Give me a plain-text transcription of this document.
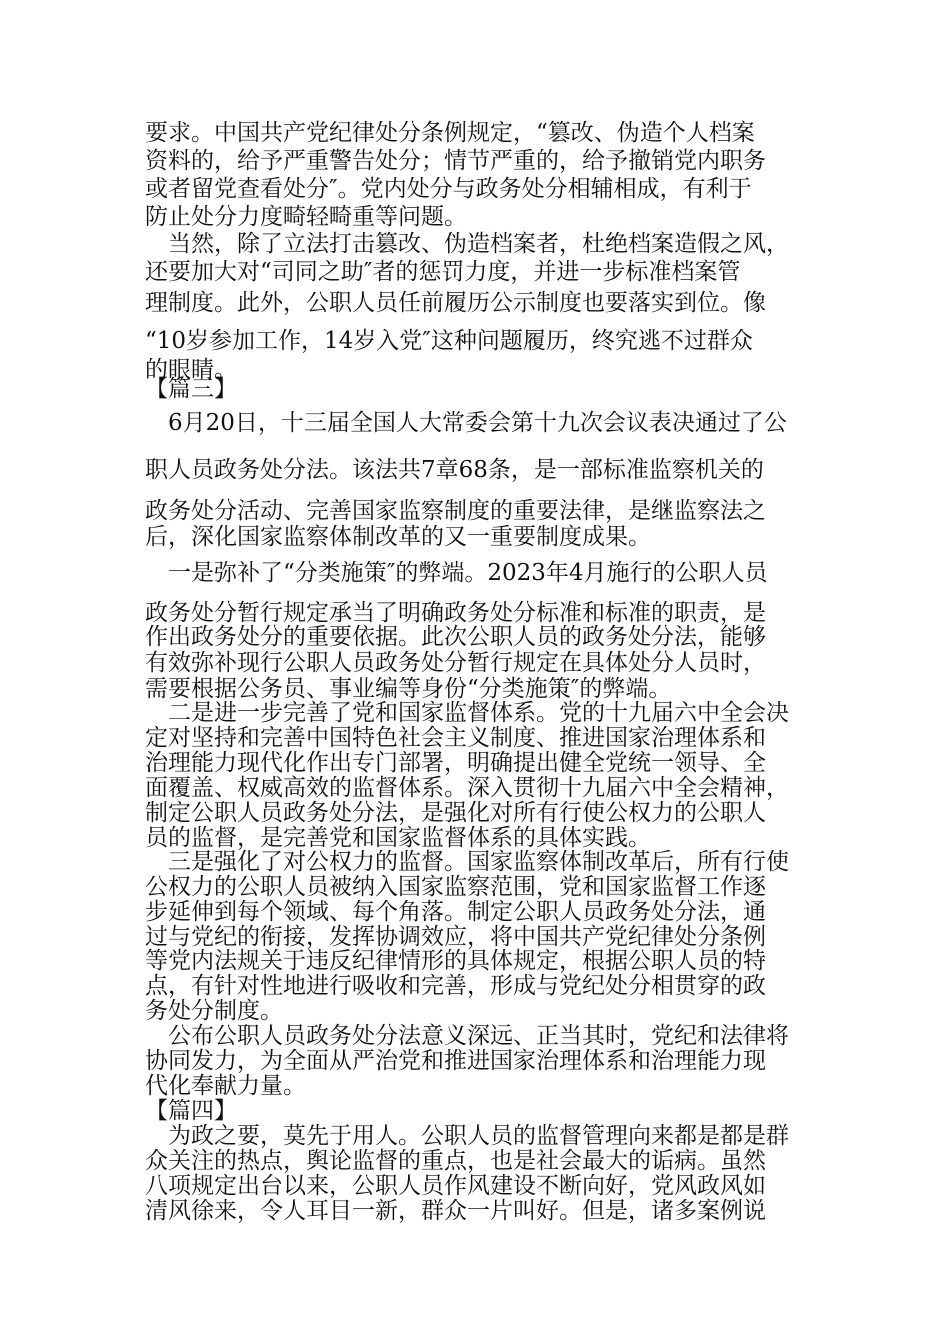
要求。中国共产党纪律处分条例规定，“篡改、伪造个人档案
资料的，给予严重警告处分；情节严重的，给予撤销党内职务
或者留党查看处分″。党内处分与政务处分相辅相成，有利于
防止处分力度畸轻畸重等问题。
　当然，除了立法打击篡改、伪造档案者，杜绝档案造假之风，
还要加大对“司同之助″者的惩罚力度，并进一步标准档案管
理制度。此外，公职人员任前履历公示制度也要落实到位。像
“10岁参加工作，14岁入党″这种问题履历，终究逃不过群众
的眼睛。
【篇三】
　6月20日，十三届全国人大常委会第十九次会议表决通过了公
职人员政务处分法。该法共7章68条，是一部标准监察机关的
政务处分活动、完善国家监察制度的重要法律，是继监察法之
后，深化国家监察体制改革的又一重要制度成果。
　一是弥补了“分类施策″的弊端。2023年4月施行的公职人员
政务处分暂行规定承当了明确政务处分标准和标准的职责，是
作出政务处分的重要依据。此次公职人员的政务处分法，能够
有效弥补现行公职人员政务处分暂行规定在具体处分人员时，
需要根据公务员、事业编等身份“分类施策″的弊端。
　二是进一步完善了党和国家监督体系。党的十九届六中全会决
定对坚持和完善中国特色社会主义制度、推进国家治理体系和
治理能力现代化作出专门部署，明确提出健全党统一领导、全
面覆盖、权威高效的监督体系。深入贯彻十九届六中全会精神，
制定公职人员政务处分法，是强化对所有行使公权力的公职人
员的监督，是完善党和国家监督体系的具体实践。
　三是强化了对公权力的监督。国家监察体制改革后，所有行使
公权力的公职人员被纳入国家监察范围，党和国家监督工作逐
步延伸到每个领域、每个角落。制定公职人员政务处分法，通
过与党纪的衔接，发挥协调效应，将中国共产党纪律处分条例
等党内法规关于违反纪律情形的具体规定，根据公职人员的特
点，有针对性地进行吸收和完善，形成与党纪处分相贯穿的政
务处分制度。
　公布公职人员政务处分法意义深远、正当其时，党纪和法律将
协同发力，为全面从严治党和推进国家治理体系和治理能力现
代化奉献力量。
【篇四】
　为政之要，莫先于用人。公职人员的监督管理向来都是都是群
众关注的热点，舆论监督的重点，也是社会最大的诟病。虽然
八项规定出台以来，公职人员作风建设不断向好，党风政风如
清风徐来，令人耳目一新，群众一片叫好。但是，诸多案例说
